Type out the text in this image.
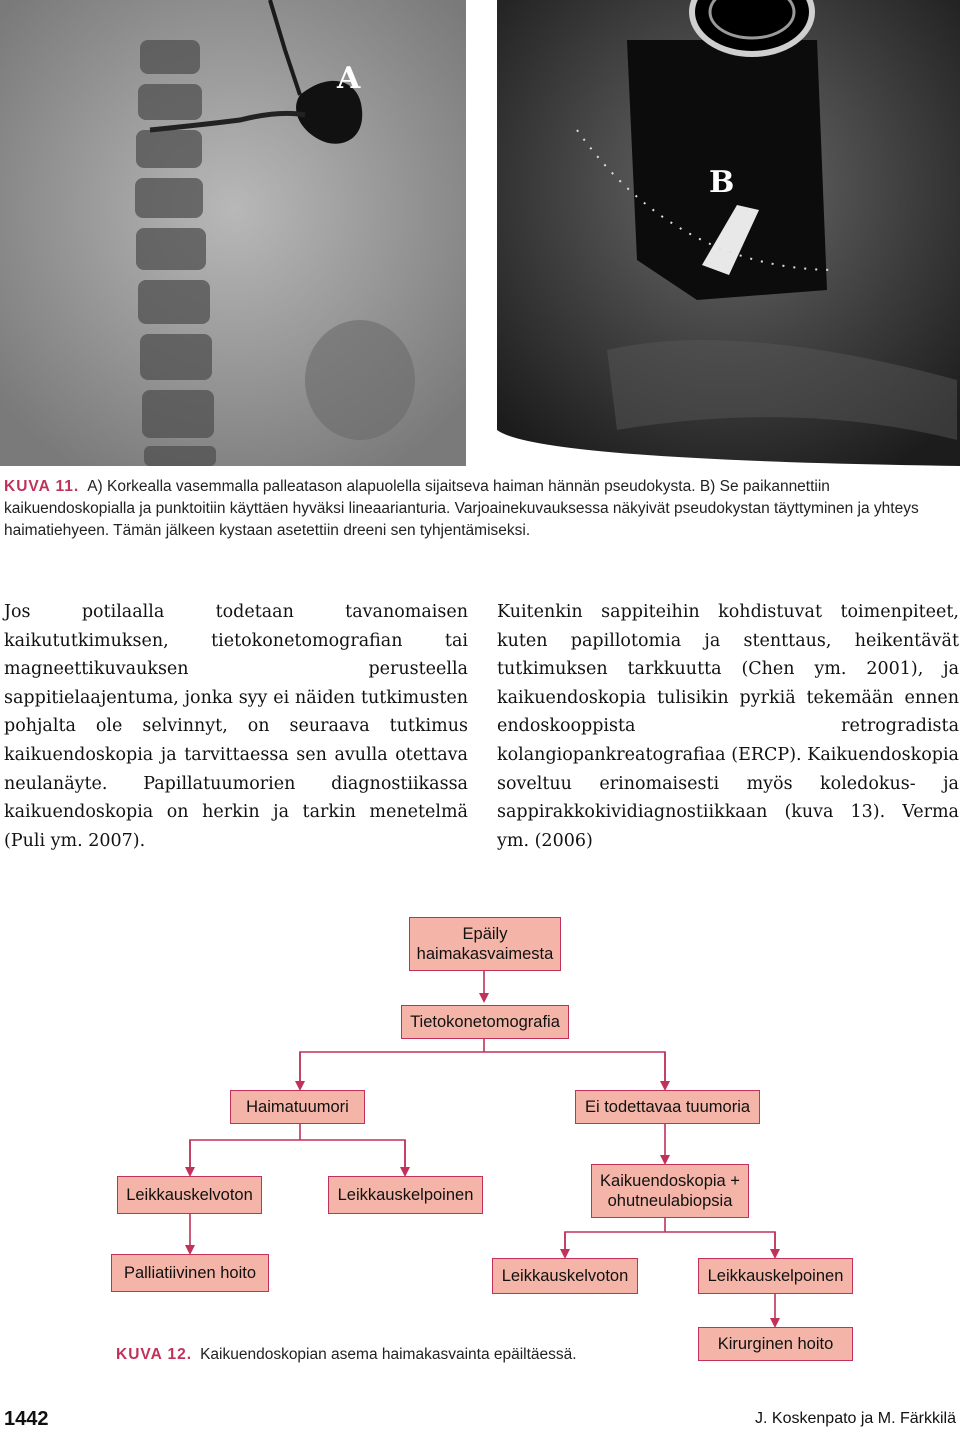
A
B
KUVA 11. A) Korkealla vasemmalla palleatason alapuolella sijaitseva haiman hännän pseudokysta. B) Se paikannettiin kaikuendoskopialla ja punktoitiin käyttäen hyväksi lineaarianturia. Varjoainekuvauksessa näkyivät pseudokystan täyttyminen ja yhteys haimatiehyeen. Tämän jälkeen kystaan asetettiin dreeni sen tyhjentämiseksi.
Jos potilaalla todetaan tavanomaisen kaikututkimuksen, tietokonetomografian tai magneettikuvauksen perusteella sappitielaajentuma, jonka syy ei näiden tutkimusten pohjalta ole selvinnyt, on seuraava tutkimus kaikuendoskopia ja tarvittaessa sen avulla otettava neulanäyte. Papillatuumorien diagnostiikassa kaikuendoskopia on herkin ja tarkin menetelmä (Puli ym. 2007).
Kuitenkin sappiteihin kohdistuvat toimenpiteet, kuten papillotomia ja stenttaus, heikentävät tutkimuksen tarkkuutta (Chen ym. 2001), ja kaikuendoskopia tulisikin pyrkiä tekemään ennen endoskooppista retrogradista kolangiopankreatografiaa (ERCP). Kaikuendoskopia soveltuu erinomaisesti myös koledokus- ja sappirakkokividiagnostiikkaan (kuva 13). Verma ym. (2006)
Epäily haimakasvaimesta
Tietokonetomografia
Haimatuumori	Ei todettavaa tuumoria
Leikkauskelvoton	Leikkauskelpoinen
Kaikuendoskopia + ohutneulabiopsia
Palliatiivinen hoito	Leikkauskelvoton	Leikkauskelpoinen
Kirurginen hoito
KUVA 12. Kaikuendoskopian asema haimakasvainta epäiltäessä.
1442	J. Koskenpato ja M. Färkkilä
